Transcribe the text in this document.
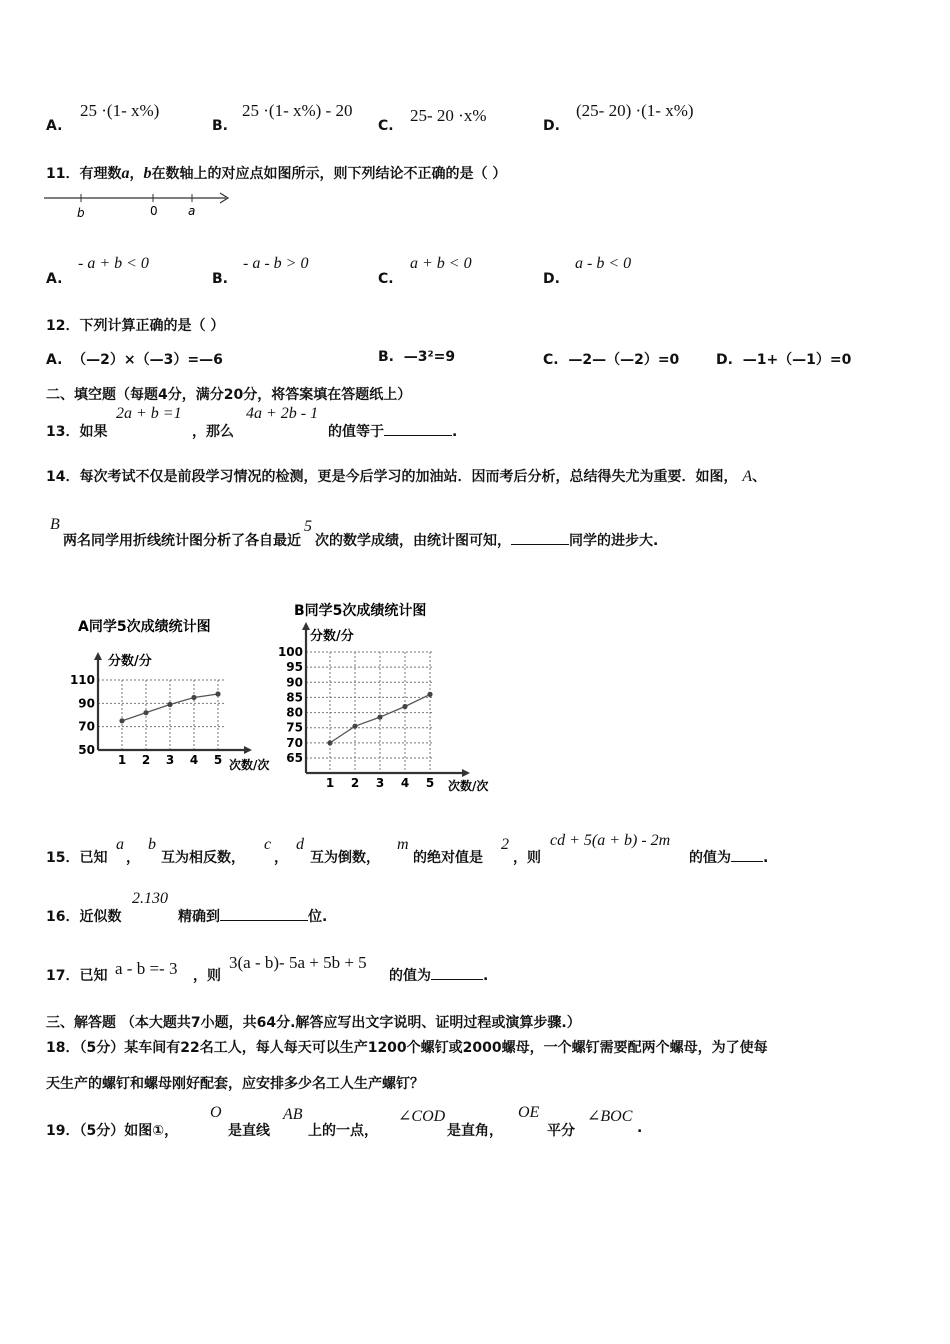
A.
25 ·(1- x%)
B.
25 ·(1- x%) - 20
C.
25- 20 ·x%
D.
(25- 20) ·(1- x%)
11．有理数a，b在数轴上的对应点如图所示，则下列结论不正确的是（ ）
b	0	a
A.
- a + b < 0
B.
- a - b > 0
C.
a + b < 0
D.
a - b < 0
12．下列计算正确的是（ ）
A. （—2）×（—3）=—6	B. —3²=9	C. —2—（—2）=0	D. —1+（—1）=0
二、填空题（每题4分，满分20分，将答案填在答题纸上）
13．如果
2a + b =1
，那么
4a + 2b - 1
的值等于	.
14．每次考试不仅是前段学习情况的检测，更是今后学习的加油站．因而考后分析，总结得失尤为重要．如图， A、
B
两名同学用折线统计图分析了各自最近5次的数学成绩，由统计图可知，	同学的进步大.
A同学5次成绩统计图
分数/分
次数/次
50
70
90
110
1 2 3 4 5
B同学5次成绩统计图
分数/分
次数/次
65
70
75
80
85
90
95
100
1 2 3 4 5
15．已知
a
，
b
互为相反数，
c
，
d
互为倒数，
m
的绝对值是
2
，则
cd + 5(a + b) - 2m
的值为 .
16．近似数
2.130
精确到	位.
17．已知 a - b =- 3 ，则
3(a - b)- 5a + 5b + 5
的值为	.
三、解答题 （本大题共7小题，共64分.解答应写出文字说明、证明过程或演算步骤.）
18．（5分）某车间有22名工人，每人每天可以生产1200个螺钉或2000螺母，一个螺钉需要配两个螺母，为了使每
天生产的螺钉和螺母刚好配套，应安排多少名工人生产螺钉？
19．（5分）如图①，
O
是直线
AB
上的一点，
∠COD
是直角，
OE
平分
∠BOC
.
